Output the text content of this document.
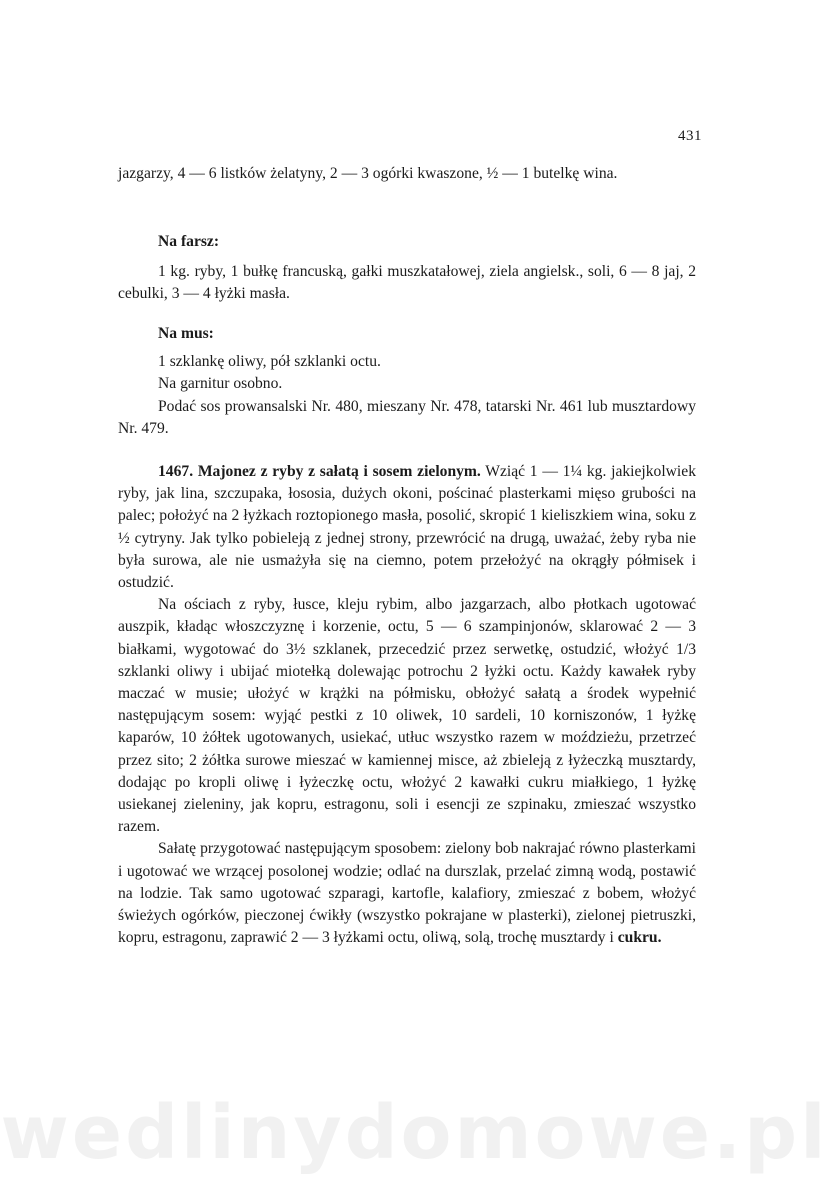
431

jazgarzy, 4 — 6 listków żelatyny, 2 — 3 ogórki kwaszone, ½ — 1 butelkę wina.

Na farsz:

1 kg. ryby, 1 bułkę francuską, gałki muszkatałowej, ziela angielsk., soli, 6 — 8 jaj, 2 cebulki, 3 — 4 łyżki masła.

Na mus:

1 szklankę oliwy, pół szklanki octu.

Na garnitur osobno.

Podać sos prowansalski Nr. 480, mieszany Nr. 478, tatarski Nr. 461 lub musztardowy Nr. 479.

1467. Majonez z ryby z sałatą i sosem zielonym. Wziąć 1 — 1¼ kg. jakiejkolwiek ryby, jak lina, szczupaka, łososia, dużych okoni, pościnać plasterkami mięso grubości na palec; położyć na 2 łyżkach roztopionego masła, posolić, skropić 1 kieliszkiem wina, soku z ½ cytryny. Jak tylko pobieleją z jednej strony, przewrócić na drugą, uważać, żeby ryba nie była surowa, ale nie usmażyła się na ciemno, potem przełożyć na okrągły półmisek i ostudzić.

Na ościach z ryby, łusce, kleju rybim, albo jazgarzach, albo płotkach ugotować auszpik, kładąc włoszczyznę i korzenie, octu, 5 — 6 szampinjonów, sklarować 2 — 3 białkami, wygotować do 3½ szklanek, przecedzić przez serwetkę, ostudzić, włożyć 1/3 szklanki oliwy i ubijać miotełką dolewając potrochu 2 łyżki octu. Każdy kawałek ryby maczać w musie; ułożyć w krążki na półmisku, obłożyć sałatą a środek wypełnić następującym sosem: wyjąć pestki z 10 oliwek, 10 sardeli, 10 korniszonów, 1 łyżkę kaparów, 10 żółtek ugotowanych, usiekać, utłuc wszystko razem w moździeżu, przetrzeć przez sito; 2 żółtka surowe mieszać w kamiennej misce, aż zbieleją z łyżeczką musztardy, dodając po kropli oliwę i łyżeczkę octu, włożyć 2 kawałki cukru miałkiego, 1 łyżkę usiekanej zieleniny, jak kopru, estragonu, soli i esencji ze szpinaku, zmieszać wszystko razem.

Sałatę przygotować następującym sposobem: zielony bob nakrajać równo plasterkami i ugotować we wrzącej posolonej wodzie; odlać na durszlak, przelać zimną wodą, postawić na lodzie. Tak samo ugotować szparagi, kartofle, kalafiory, zmieszać z bobem, włożyć świeżych ogórków, pieczonej ćwikły (wszystko pokrajane w plasterki), zielonej pietruszki, kopru, estragonu, zaprawić 2 — 3 łyżkami octu, oliwą, solą, trochę musztardy i cukru.

wedlinydomowe.pl
